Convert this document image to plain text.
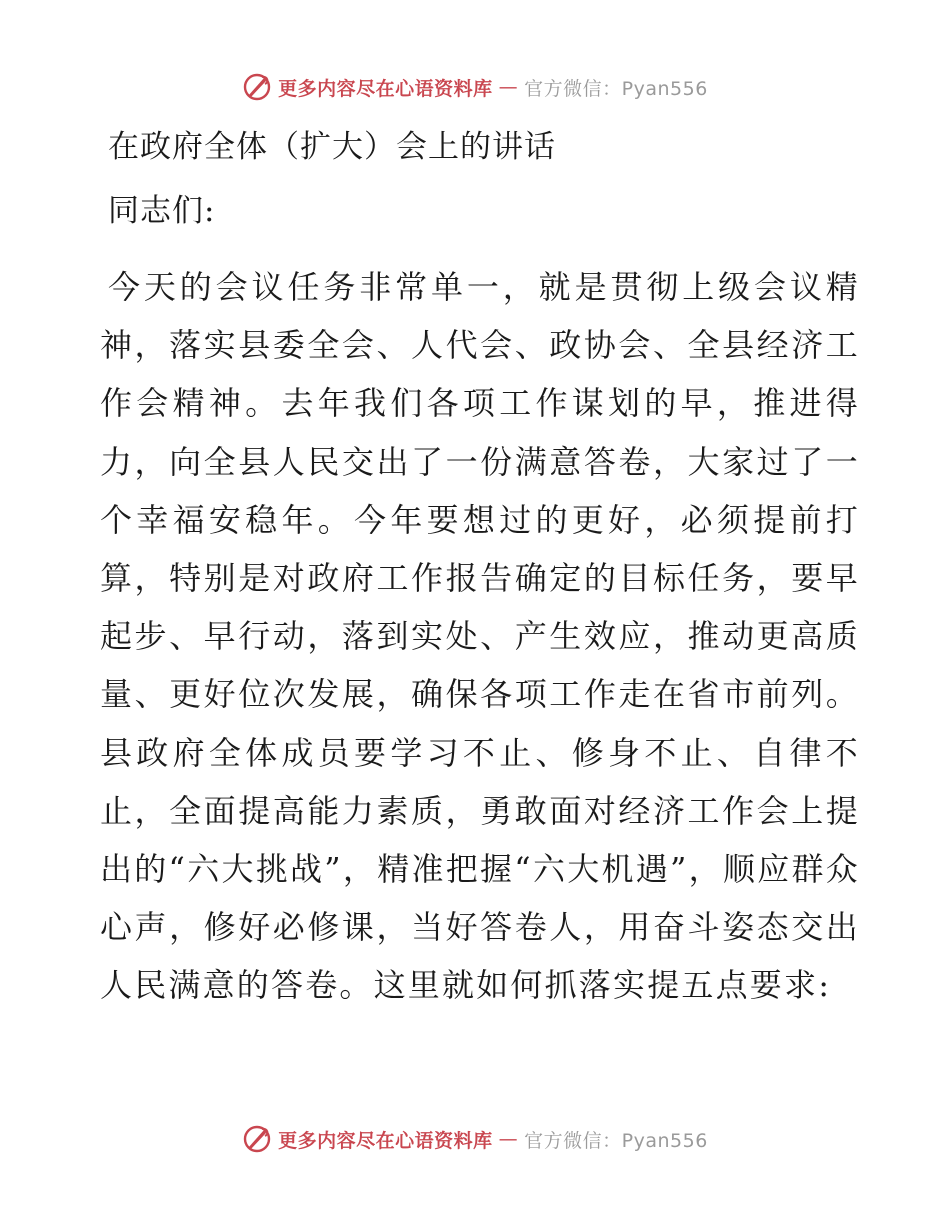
更多内容尽在心语资料库 — 官方微信：Pyan556
在政府全体（扩大）会上的讲话
同志们:

今天的会议任务非常单一，就是贯彻上级会议精神，落实县委全会、人代会、政协会、全县经济工作会精神。去年我们各项工作谋划的早，推进得力，向全县人民交出了一份满意答卷，大家过了一个幸福安稳年。今年要想过的更好，必须提前打算，特别是对政府工作报告确定的目标任务，要早起步、早行动，落到实处、产生效应，推动更高质量、更好位次发展，确保各项工作走在省市前列。县政府全体成员要学习不止、修身不止、自律不止，全面提高能力素质，勇敢面对经济工作会上提出的“六大挑战”，精准把握“六大机遇”，顺应群众心声，修好必修课，当好答卷人，用奋斗姿态交出人民满意的答卷。这里就如何抓落实提五点要求:

更多内容尽在心语资料库 — 官方微信：Pyan556
